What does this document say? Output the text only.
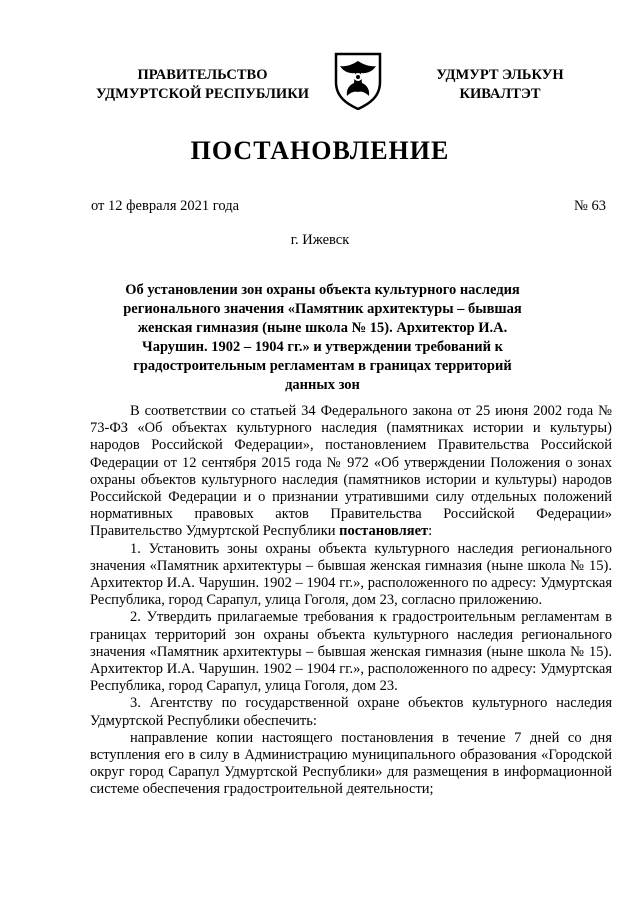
ПРАВИТЕЛЬСТВО
УДМУРТСКОЙ РЕСПУБЛИКИ
УДМУРТ ЭЛЬКУН
КИВАЛТЭТ
ПОСТАНОВЛЕНИЕ
от 12 февраля 2021 года	№ 63
г. Ижевск
Об установлении зон охраны объекта культурного наследия регионального значения «Памятник архитектуры – бывшая женская гимназия (ныне школа № 15). Архитектор И.А. Чарушин. 1902 – 1904 гг.» и утверждении требований к градостроительным регламентам в границах территорий данных зон

В соответствии со статьей 34 Федерального закона от 25 июня 2002 года № 73-ФЗ «Об объектах культурного наследия (памятниках истории и культуры) народов Российской Федерации», постановлением Правительства Российской Федерации от 12 сентября 2015 года № 972 «Об утверждении Положения о зонах охраны объектов культурного наследия (памятников истории и культуры) народов Российской Федерации и о признании утратившими силу отдельных положений нормативных правовых актов Правительства Российской Федерации» Правительство Удмуртской Республики постановляет:

1. Установить зоны охраны объекта культурного наследия регионального значения «Памятник архитектуры – бывшая женская гимназия (ныне школа № 15). Архитектор И.А. Чарушин. 1902 – 1904 гг.», расположенного по адресу: Удмуртская Республика, город Сарапул, улица Гоголя, дом 23, согласно приложению.

2. Утвердить прилагаемые требования к градостроительным регламентам в границах территорий зон охраны объекта культурного наследия регионального значения «Памятник архитектуры – бывшая женская гимназия (ныне школа № 15). Архитектор И.А. Чарушин. 1902 – 1904 гг.», расположенного по адресу: Удмуртская Республика, город Сарапул, улица Гоголя, дом 23.

3. Агентству по государственной охране объектов культурного наследия Удмуртской Республики обеспечить:

направление копии настоящего постановления в течение 7 дней со дня вступления его в силу в Администрацию муниципального образования «Городской округ город Сарапул Удмуртской Республики» для размещения в информационной системе обеспечения градостроительной деятельности;
